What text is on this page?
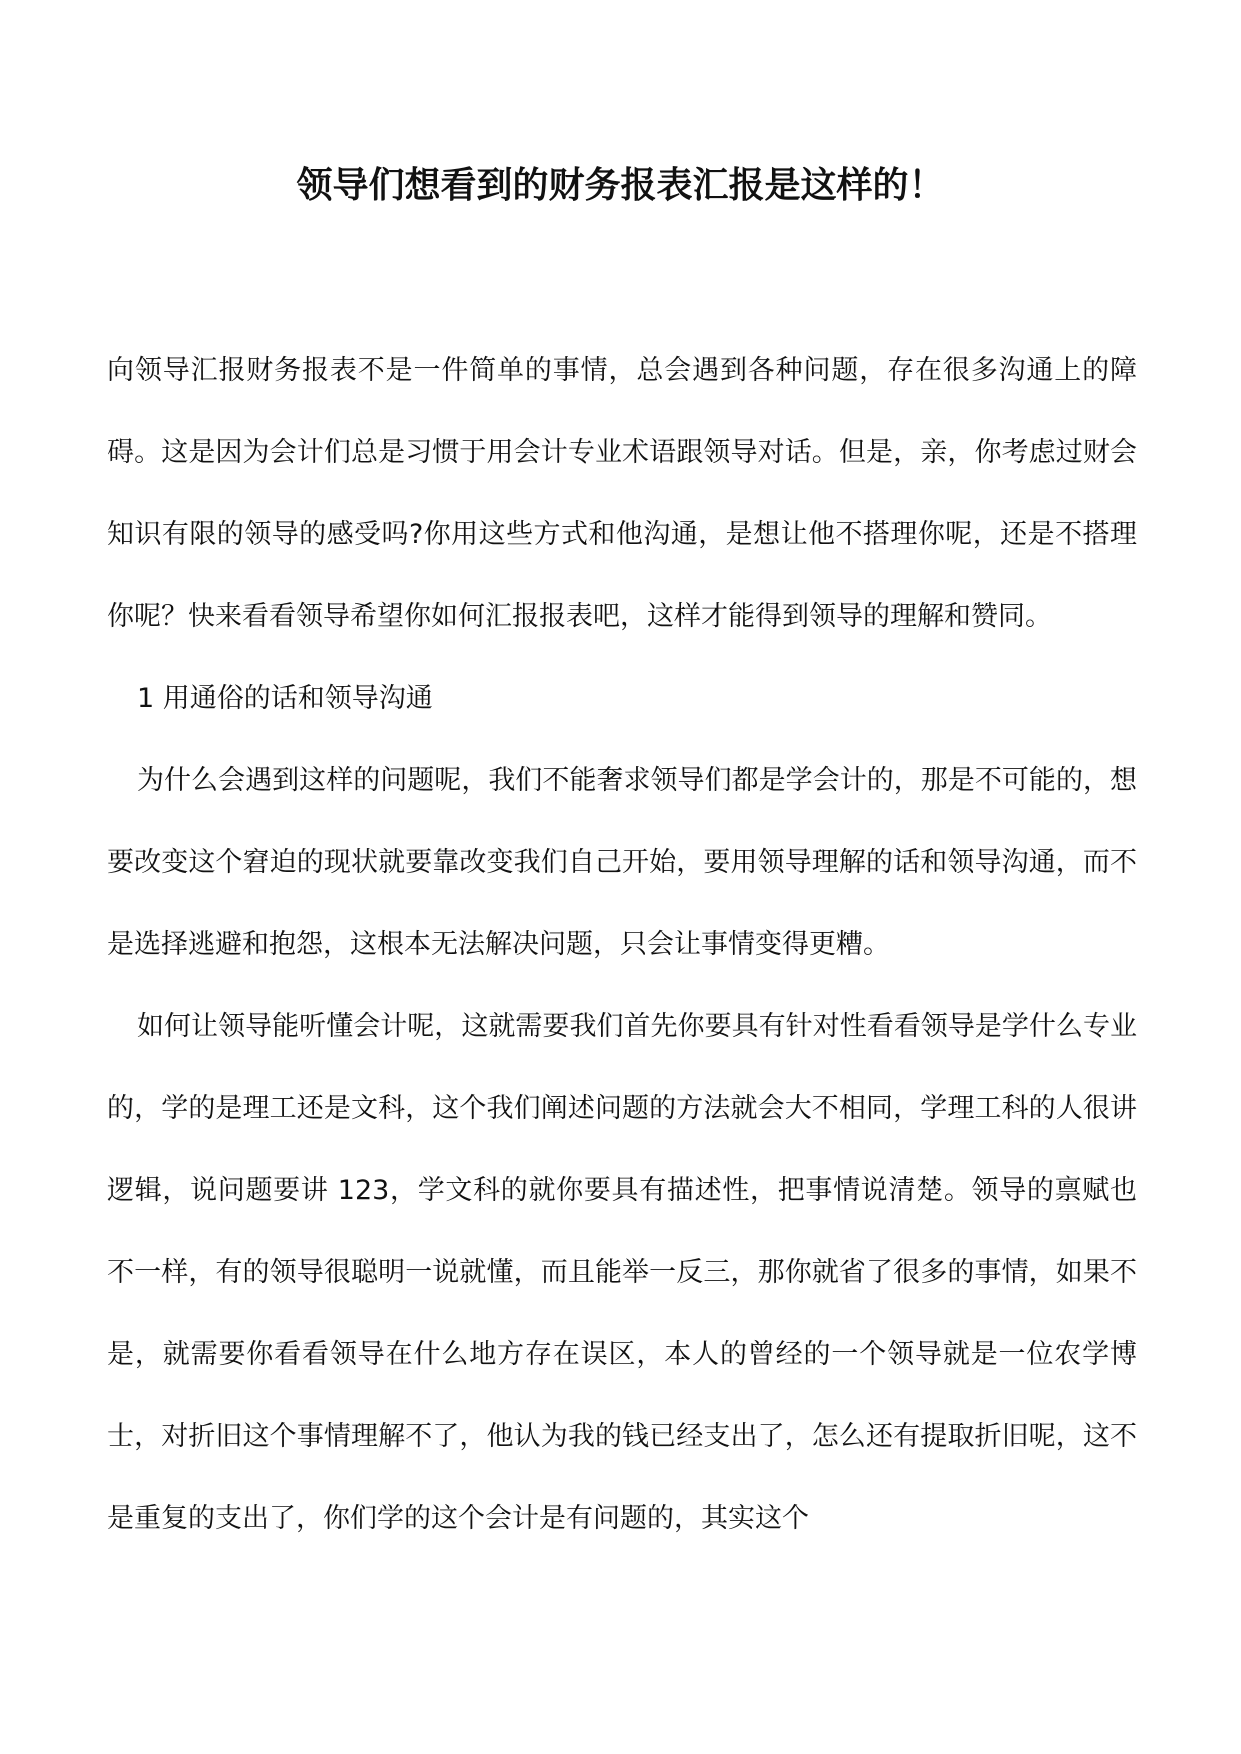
领导们想看到的财务报表汇报是这样的！

向领导汇报财务报表不是一件简单的事情，总会遇到各种问题，存在很多沟通上的障碍。这是因为会计们总是习惯于用会计专业术语跟领导对话。但是，亲，你考虑过财会知识有限的领导的感受吗?你用这些方式和他沟通，是想让他不搭理你呢，还是不搭理你呢？快来看看领导希望你如何汇报报表吧，这样才能得到领导的理解和赞同。

1 用通俗的话和领导沟通

为什么会遇到这样的问题呢，我们不能奢求领导们都是学会计的，那是不可能的，想要改变这个窘迫的现状就要靠改变我们自己开始，要用领导理解的话和领导沟通，而不是选择逃避和抱怨，这根本无法解决问题，只会让事情变得更糟。

如何让领导能听懂会计呢，这就需要我们首先你要具有针对性看看领导是学什么专业的，学的是理工还是文科，这个我们阐述问题的方法就会大不相同，学理工科的人很讲逻辑，说问题要讲 123，学文科的就你要具有描述性，把事情说清楚。领导的禀赋也不一样，有的领导很聪明一说就懂，而且能举一反三，那你就省了很多的事情，如果不是，就需要你看看领导在什么地方存在误区，本人的曾经的一个领导就是一位农学博士，对折旧这个事情理解不了，他认为我的钱已经支出了，怎么还有提取折旧呢，这不是重复的支出了，你们学的这个会计是有问题的，其实这个
